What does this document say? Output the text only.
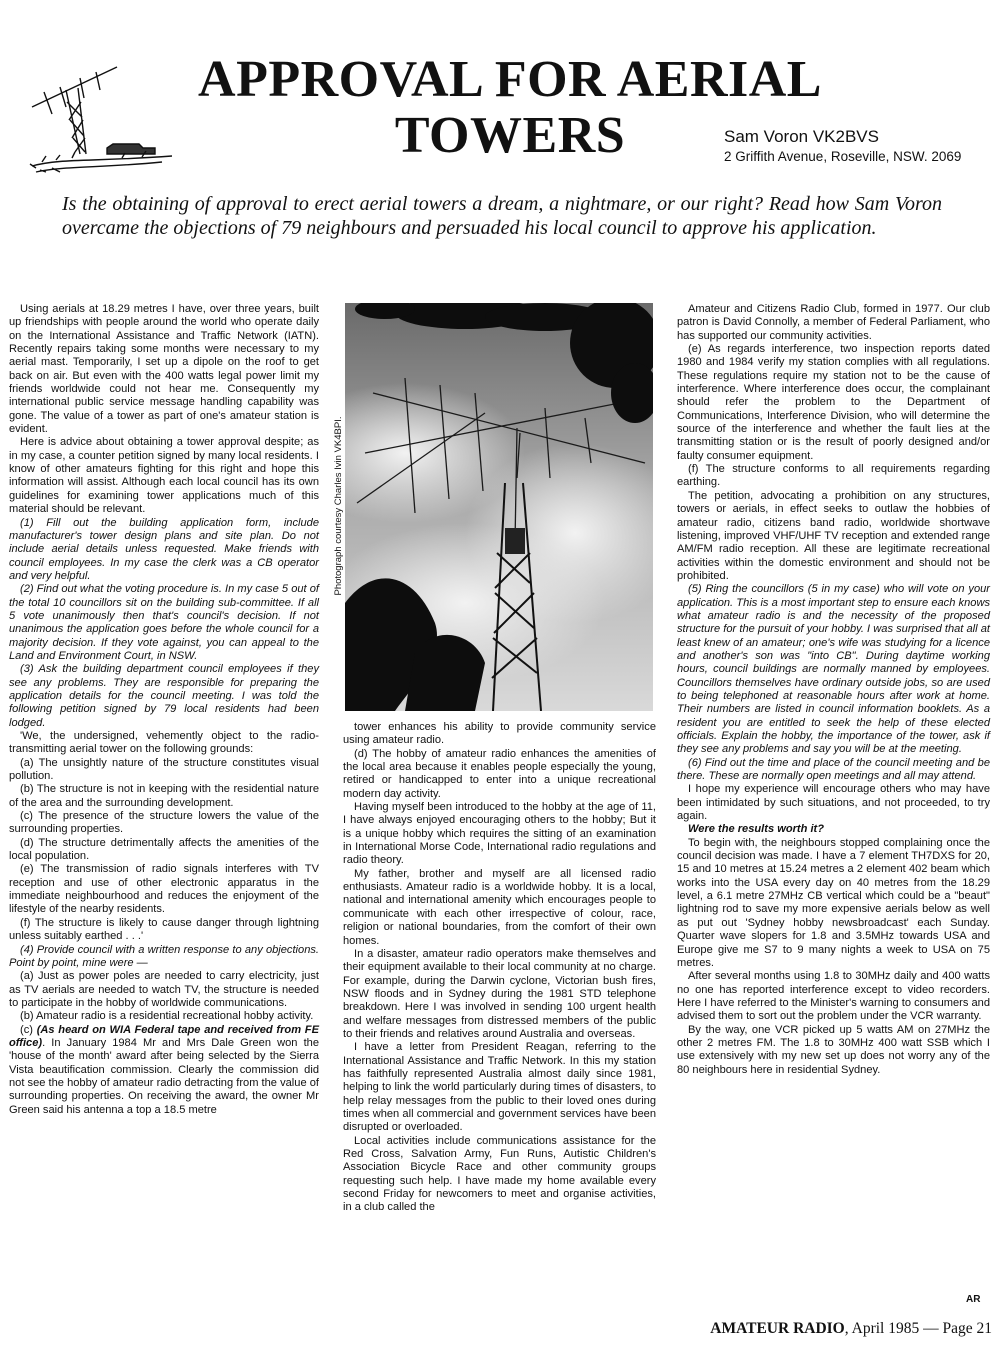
APPROVAL FOR AERIAL
TOWERS	Sam Voron VK2BVS
2 Griffith Avenue, Roseville, NSW. 2069

Is the obtaining of approval to erect aerial towers a dream, a nightmare, or our right? Read how Sam Voron overcame the objections of 79 neighbours and persuaded his local council to approve his application.

Using aerials at 18.29 metres I have, over three years, built up friendships with people around the world who operate daily on the International Assistance and Traffic Network (IATN). Recently repairs taking some months were necessary to my aerial mast. Temporarily, I set up a dipole on the roof to get back on air. But even with the 400 watts legal power limit my friends worldwide could not hear me. Consequently my international public service message handling capability was gone. The value of a tower as part of one's amateur station is evident.

Here is advice about obtaining a tower approval despite; as in my case, a counter petition signed by many local residents. I know of other amateurs fighting for this right and hope this information will assist. Although each local council has its own guidelines for examining tower applications much of this material should be relevant.

(1) Fill out the building application form, include manufacturer's tower design plans and site plan. Do not include aerial details unless requested. Make friends with council employees. In my case the clerk was a CB operator and very helpful.

(2) Find out what the voting procedure is. In my case 5 out of the total 10 councillors sit on the building sub-committee. If all 5 vote unanimously then that's council's decision. If not unanimous the application goes before the whole council for a majority decision. If they vote against, you can appeal to the Land and Environment Court, in NSW.

(3) Ask the building department council employees if they see any problems. They are responsible for preparing the application details for the council meeting. I was told the following petition signed by 79 local residents had been lodged.

'We, the undersigned, vehemently object to the radio-transmitting aerial tower on the following grounds:

(a) The unsightly nature of the structure constitutes visual pollution.

(b) The structure is not in keeping with the residential nature of the area and the surrounding development.

(c) The presence of the structure lowers the value of the surrounding properties.

(d) The structure detrimentally affects the amenities of the local population.

(e) The transmission of radio signals interferes with TV reception and use of other electronic apparatus in the immediate neighbourhood and reduces the enjoyment of the lifestyle of the nearby residents.

(f) The structure is likely to cause danger through lightning unless suitably earthed . . .'

(4) Provide council with a written response to any objections. Point by point, mine were —

(a) Just as power poles are needed to carry electricity, just as TV aerials are needed to watch TV, the structure is needed to participate in the hobby of worldwide communications.

(b) Amateur radio is a residential recreational hobby activity.

(c) (As heard on WIA Federal tape and received from FE office). In January 1984 Mr and Mrs Dale Green won the 'house of the month' award after being selected by the Sierra Vista beautification commission. Clearly the commission did not see the hobby of amateur radio detracting from the value of surrounding properties. On receiving the award, the owner Mr Green said his antenna a top a 18.5 metre

Photograph courtesy Charles Ivin VK4BPI.

tower enhances his ability to provide community service using amateur radio.

(d) The hobby of amateur radio enhances the amenities of the local area because it enables people especially the young, retired or handicapped to enter into a unique recreational modern day activity.

Having myself been introduced to the hobby at the age of 11, I have always enjoyed encouraging others to the hobby; But it is a unique hobby which requires the sitting of an examination in International Morse Code, International radio regulations and radio theory.

My father, brother and myself are all licensed radio enthusiasts. Amateur radio is a worldwide hobby. It is a local, national and international amenity which encourages people to communicate with each other irrespective of colour, race, religion or national boundaries, from the comfort of their own homes.

In a disaster, amateur radio operators make themselves and their equipment available to their local community at no charge. For example, during the Darwin cyclone, Victorian bush fires, NSW floods and in Sydney during the 1981 STD telephone breakdown. Here I was involved in sending 100 urgent health and welfare messages from distressed members of the public to their friends and relatives around Australia and overseas.

I have a letter from President Reagan, referring to the International Assistance and Traffic Network. In this my station has faithfully represented Australia almost daily since 1981, helping to link the world particularly during times of disasters, to help relay messages from the public to their loved ones during times when all commercial and government services have been disrupted or overloaded.

Local activities include communications assistance for the Red Cross, Salvation Army, Fun Runs, Autistic Children's Association Bicycle Race and other community groups requesting such help. I have made my home available every second Friday for newcomers to meet and organise activities, in a club called the

Amateur and Citizens Radio Club, formed in 1977. Our club patron is David Connolly, a member of Federal Parliament, who has supported our community activities.

(e) As regards interference, two inspection reports dated 1980 and 1984 verify my station complies with all regulations. These regulations require my station not to be the cause of interference. Where interference does occur, the complainant should refer the problem to the Department of Communications, Interference Division, who will determine the source of the interference and whether the fault lies at the transmitting station or is the result of poorly designed and/or faulty consumer equipment.

(f) The structure conforms to all requirements regarding earthing.

The petition, advocating a prohibition on any structures, towers or aerials, in effect seeks to outlaw the hobbies of amateur radio, citizens band radio, worldwide shortwave listening, improved VHF/UHF TV reception and extended range AM/FM radio reception. All these are legitimate recreational activities within the domestic environment and should not be prohibited.

(5) Ring the councillors (5 in my case) who will vote on your application. This is a most important step to ensure each knows what amateur radio is and the necessity of the proposed structure for the pursuit of your hobby. I was surprised that all at least knew of an amateur; one's wife was studying for a licence and another's son was "into CB". During daytime working hours, council buildings are normally manned by employees. Councillors themselves have ordinary outside jobs, so are used to being telephoned at reasonable hours after work at home. Their numbers are listed in council information booklets. As a resident you are entitled to seek the help of these elected officials. Explain the hobby, the importance of the tower, ask if they see any problems and say you will be at the meeting.

(6) Find out the time and place of the council meeting and be there. These are normally open meetings and all may attend.

I hope my experience will encourage others who may have been intimidated by such situations, and not proceeded, to try again.

Were the results worth it?

To begin with, the neighbours stopped complaining once the council decision was made. I have a 7 element TH7DXS for 20, 15 and 10 metres at 15.24 metres a 2 element 402 beam which works into the USA every day on 40 metres from the 18.29 level, a 6.1 metre 27MHz CB vertical which could be a "beaut" lightning rod to save my more expensive aerials below as well as put out 'Sydney hobby newsbroadcast' each Sunday. Quarter wave slopers for 1.8 and 3.5MHz towards USA and Europe give me S7 to 9 many nights a week to USA on 75 metres.

After several months using 1.8 to 30MHz daily and 400 watts no one has reported interference except to video recorders. Here I have referred to the Minister's warning to consumers and advised them to sort out the problem under the VCR warranty.

By the way, one VCR picked up 5 watts AM on 27MHz the other 2 metres FM. The 1.8 to 30MHz 400 watt SSB which I use extensively with my new set up does not worry any of the 80 neighbours here in residential Sydney.

AR
AMATEUR RADIO, April 1985 — Page 21
